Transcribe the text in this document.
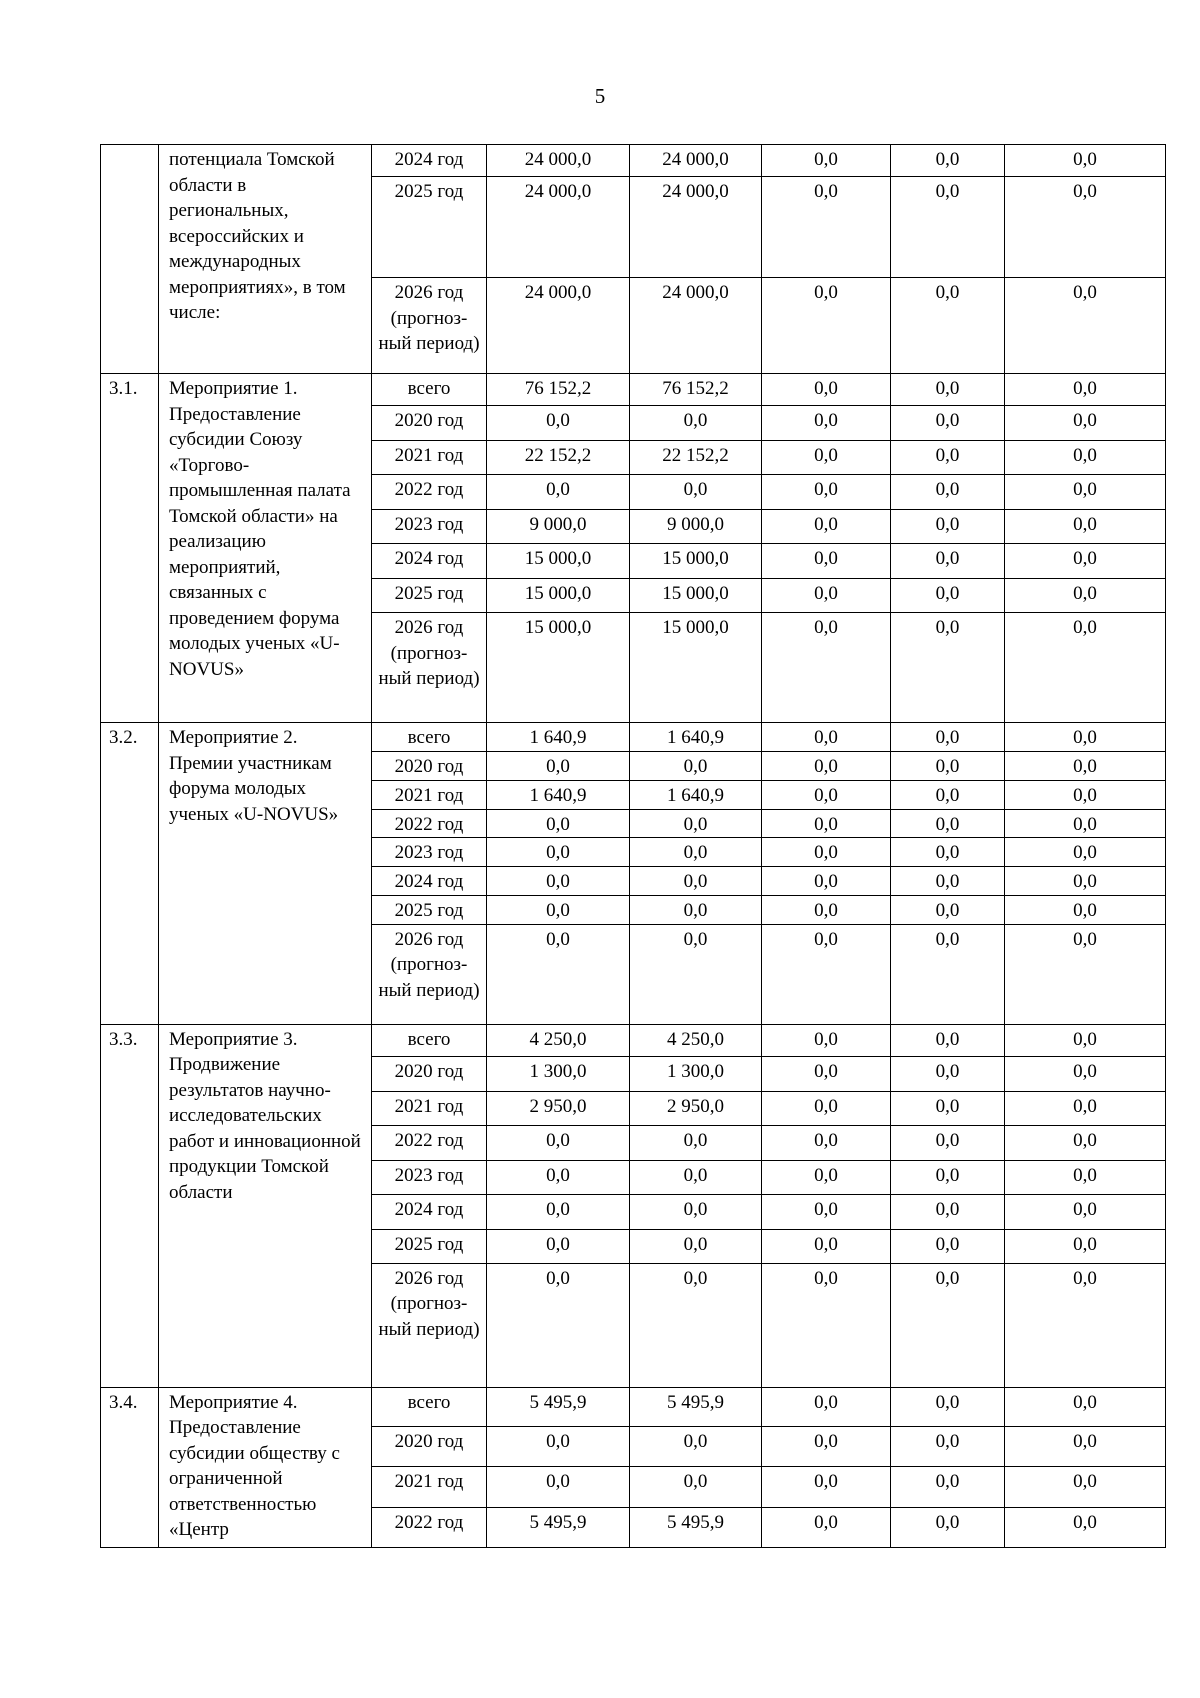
5
	потенциала Томской области в региональных, всероссийских и международных мероприятиях», в том числе:	2024 год	24 000,0	24 000,0	0,0	0,0	0,0
		2025 год	24 000,0	24 000,0	0,0	0,0	0,0
		2026 год (прогноз-ный период)	24 000,0	24 000,0	0,0	0,0	0,0
3.1.	Мероприятие 1. Предоставление субсидии Союзу «Торгово-промышленная палата Томской области» на реализацию мероприятий, связанных с проведением форума молодых ученых «U-NOVUS»	всего	76 152,2	76 152,2	0,0	0,0	0,0
		2020 год	0,0	0,0	0,0	0,0	0,0
		2021 год	22 152,2	22 152,2	0,0	0,0	0,0
		2022 год	0,0	0,0	0,0	0,0	0,0
		2023 год	9 000,0	9 000,0	0,0	0,0	0,0
		2024 год	15 000,0	15 000,0	0,0	0,0	0,0
		2025 год	15 000,0	15 000,0	0,0	0,0	0,0
		2026 год (прогноз-ный период)	15 000,0	15 000,0	0,0	0,0	0,0
3.2.	Мероприятие 2. Премии участникам форума молодых ученых «U-NOVUS»	всего	1 640,9	1 640,9	0,0	0,0	0,0
		2020 год	0,0	0,0	0,0	0,0	0,0
		2021 год	1 640,9	1 640,9	0,0	0,0	0,0
		2022 год	0,0	0,0	0,0	0,0	0,0
		2023 год	0,0	0,0	0,0	0,0	0,0
		2024 год	0,0	0,0	0,0	0,0	0,0
		2025 год	0,0	0,0	0,0	0,0	0,0
		2026 год (прогноз-ный период)	0,0	0,0	0,0	0,0	0,0
3.3.	Мероприятие 3. Продвижение результатов научно-исследовательских работ и инновационной продукции Томской области	всего	4 250,0	4 250,0	0,0	0,0	0,0
		2020 год	1 300,0	1 300,0	0,0	0,0	0,0
		2021 год	2 950,0	2 950,0	0,0	0,0	0,0
		2022 год	0,0	0,0	0,0	0,0	0,0
		2023 год	0,0	0,0	0,0	0,0	0,0
		2024 год	0,0	0,0	0,0	0,0	0,0
		2025 год	0,0	0,0	0,0	0,0	0,0
		2026 год (прогноз-ный период)	0,0	0,0	0,0	0,0	0,0
3.4.	Мероприятие 4. Предоставление субсидии обществу с ограниченной ответственностью «Центр	всего	5 495,9	5 495,9	0,0	0,0	0,0
		2020 год	0,0	0,0	0,0	0,0	0,0
		2021 год	0,0	0,0	0,0	0,0	0,0
		2022 год	5 495,9	5 495,9	0,0	0,0	0,0
